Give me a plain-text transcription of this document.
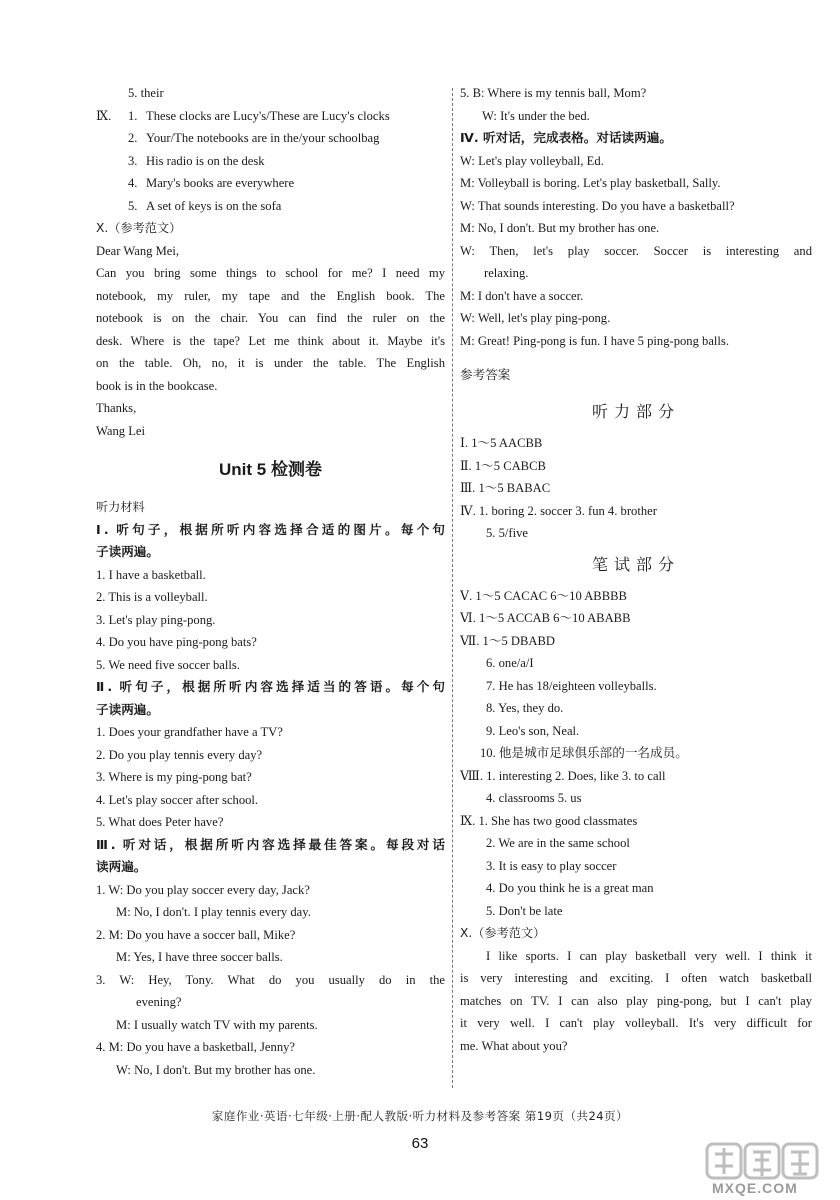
5. their
Ⅸ. 1. These clocks are Lucy's/These are Lucy's clocks
2. Your/The notebooks are in the/your schoolbag
3. His radio is on the desk
4. Mary's books are everywhere
5. A set of keys is on the sofa
Ⅹ.（参考范文）
Dear Wang Mei,
Can you bring some things to school for me? I need my
notebook, my ruler, my tape and the English book. The
notebook is on the chair. You can find the ruler on the
desk. Where is the tape? Let me think about it. Maybe it's
on the table. Oh, no, it is under the table. The English
book is in the bookcase.
Thanks,
Wang Lei
Unit 5 检测卷
听力材料
Ⅰ. 听句子，根据所听内容选择合适的图片。每个句
子读两遍。
1. I have a basketball.
2. This is a volleyball.
3. Let's play ping-pong.
4. Do you have ping-pong bats?
5. We need five soccer balls.
Ⅱ. 听句子，根据所听内容选择适当的答语。每个句
子读两遍。
1. Does your grandfather have a TV?
2. Do you play tennis every day?
3. Where is my ping-pong bat?
4. Let's play soccer after school.
5. What does Peter have?
Ⅲ. 听对话，根据所听内容选择最佳答案。每段对话
读两遍。
1. W: Do you play soccer every day, Jack?
M: No, I don't. I play tennis every day.
2. M: Do you have a soccer ball, Mike?
M: Yes, I have three soccer balls.
3. W: Hey, Tony. What do you usually do in the
evening?
M: I usually watch TV with my parents.
4. M: Do you have a basketball, Jenny?
W: No, I don't. But my brother has one.
5. B: Where is my tennis ball, Mom?
W: It's under the bed.
Ⅳ. 听对话，完成表格。对话读两遍。
W: Let's play volleyball, Ed.
M: Volleyball is boring. Let's play basketball, Sally.
W: That sounds interesting. Do you have a basketball?
M: No, I don't. But my brother has one.
W: Then, let's play soccer. Soccer is interesting and
relaxing.
M: I don't have a soccer.
W: Well, let's play ping-pong.
M: Great! Ping-pong is fun. I have 5 ping-pong balls.
参考答案
听力部分
Ⅰ. 1～5 AACBB
Ⅱ. 1～5 CABCB
Ⅲ. 1～5 BABAC
Ⅳ. 1. boring 2. soccer 3. fun 4. brother
5. 5/five
笔试部分
Ⅴ. 1～5 CACAC 6～10 ABBBB
Ⅵ. 1～5 ACCAB 6～10 ABABB
Ⅶ. 1～5 DBABD
6. one/a/I
7. He has 18/eighteen volleyballs.
8. Yes, they do.
9. Leo's son, Neal.
10. 他是城市足球俱乐部的一名成员。
Ⅷ. 1. interesting 2. Does, like 3. to call
4. classrooms 5. us
Ⅸ. 1. She has two good classmates
2. We are in the same school
3. It is easy to play soccer
4. Do you think he is a great man
5. Don't be late
Ⅹ.（参考范文）
I like sports. I can play basketball very well. I think it
is very interesting and exciting. I often watch basketball
matches on TV. I can also play ping-pong, but I can't play
it very well. I can't play volleyball. It's very difficult for
me. What about you?
家庭作业·英语·七年级·上册·配人教版·听力材料及参考答案 第19页（共24页）
63
MXQE.COM
